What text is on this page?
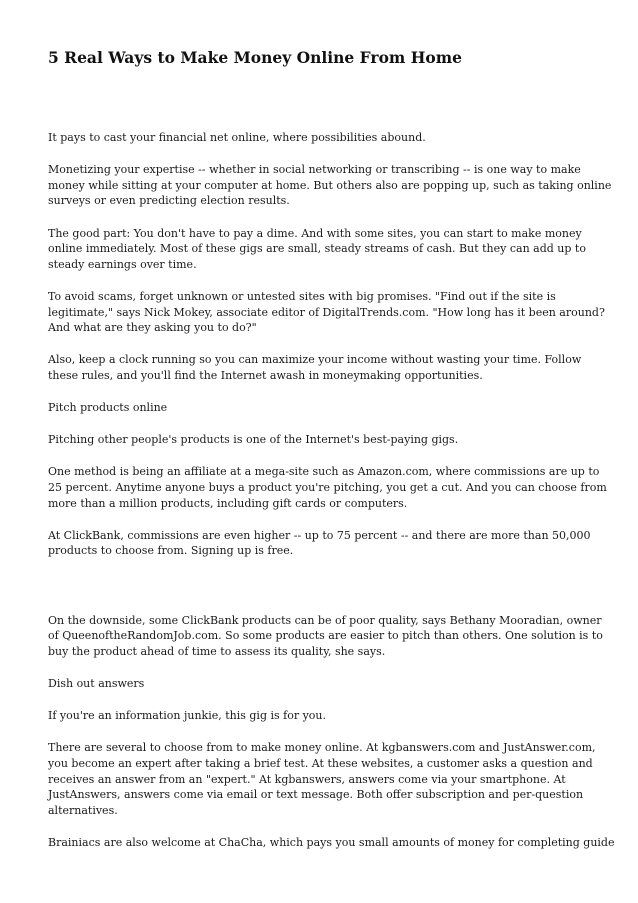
5 Real Ways to Make Money Online From Home

It pays to cast your financial net online, where possibilities abound.

Monetizing your expertise -- whether in social networking or transcribing -- is one way to make
money while sitting at your computer at home. But others also are popping up, such as taking online
surveys or even predicting election results.

The good part: You don't have to pay a dime. And with some sites, you can start to make money
online immediately. Most of these gigs are small, steady streams of cash. But they can add up to
steady earnings over time.

To avoid scams, forget unknown or untested sites with big promises. "Find out if the site is
legitimate," says Nick Mokey, associate editor of DigitalTrends.com. "How long has it been around?
And what are they asking you to do?"

Also, keep a clock running so you can maximize your income without wasting your time. Follow
these rules, and you'll find the Internet awash in moneymaking opportunities.

Pitch products online

Pitching other people's products is one of the Internet's best-paying gigs.

One method is being an affiliate at a mega-site such as Amazon.com, where commissions are up to
25 percent. Anytime anyone buys a product you're pitching, you get a cut. And you can choose from
more than a million products, including gift cards or computers.

At ClickBank, commissions are even higher -- up to 75 percent -- and there are more than 50,000
products to choose from. Signing up is free.

On the downside, some ClickBank products can be of poor quality, says Bethany Mooradian, owner
of QueenoftheRandomJob.com. So some products are easier to pitch than others. One solution is to
buy the product ahead of time to assess its quality, she says.

Dish out answers

If you're an information junkie, this gig is for you.

There are several to choose from to make money online. At kgbanswers.com and JustAnswer.com,
you become an expert after taking a brief test. At these websites, a customer asks a question and
receives an answer from an "expert." At kgbanswers, answers come via your smartphone. At
JustAnswers, answers come via email or text message. Both offer subscription and per-question
alternatives.

Brainiacs are also welcome at ChaCha, which pays you small amounts of money for completing guide
